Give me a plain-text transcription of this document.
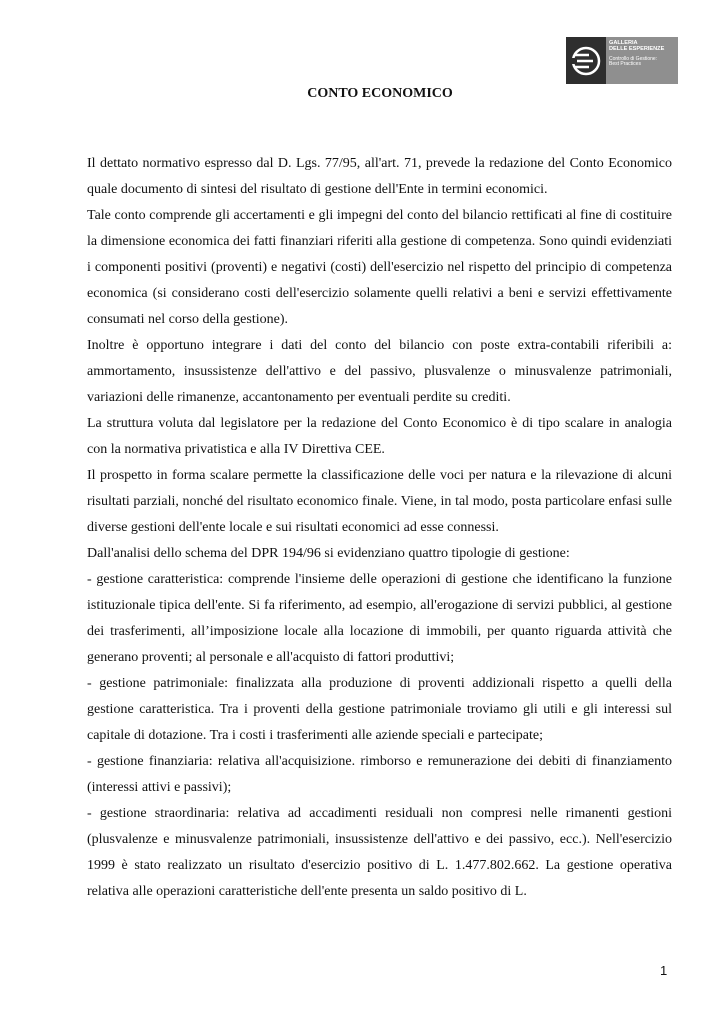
GALLERIA
DELLE ESPERIENZE
Controllo di Gestione:
Best Practices
CONTO ECONOMICO

Il dettato normativo espresso dal D. Lgs. 77/95, all'art. 71, prevede la redazione del Conto Economico quale documento di sintesi del risultato di gestione dell'Ente in termini economici.

Tale conto comprende gli accertamenti e gli impegni del conto del bilancio rettificati al fine di costituire la dimensione economica dei fatti finanziari riferiti alla gestione di competenza. Sono quindi evidenziati i componenti positivi (proventi) e negativi (costi) dell'esercizio nel rispetto del principio di competenza economica (si considerano costi dell'esercizio solamente quelli relativi a beni e servizi effettivamente consumati nel corso della gestione).

Inoltre è opportuno integrare i dati del conto del bilancio con poste extra-contabili riferibili a: ammortamento, insussistenze dell'attivo e del passivo, plusvalenze o minusvalenze patrimoniali, variazioni delle rimanenze, accantonamento per eventuali perdite su crediti.

La struttura voluta dal legislatore per la redazione del Conto Economico è di tipo scalare in analogia con la normativa privatistica e alla IV Direttiva CEE.

Il prospetto in forma scalare permette la classificazione delle voci per natura e la rilevazione di alcuni risultati parziali, nonché del risultato economico finale. Viene, in tal modo, posta particolare enfasi sulle diverse gestioni dell'ente locale e sui risultati economici ad esse connessi.

Dall'analisi dello schema del DPR 194/96 si evidenziano quattro tipologie di gestione:

- gestione caratteristica: comprende l'insieme delle operazioni di gestione che identificano la funzione istituzionale tipica dell'ente. Si fa riferimento, ad esempio, all'erogazione di servizi pubblici, al gestione dei trasferimenti, all’imposizione locale alla locazione di immobili, per quanto riguarda attività che generano proventi; al personale e all'acquisto di fattori produttivi;

- gestione patrimoniale: finalizzata alla produzione di proventi addizionali rispetto a quelli della gestione caratteristica. Tra i proventi della gestione patrimoniale troviamo gli utili e gli interessi sul capitale di dotazione. Tra i costi i trasferimenti alle aziende speciali e partecipate;

- gestione finanziaria: relativa all'acquisizione. rimborso e remunerazione dei debiti di finanziamento (interessi attivi e passivi);

- gestione straordinaria: relativa ad accadimenti residuali non compresi nelle rimanenti gestioni (plusvalenze e minusvalenze patrimoniali, insussistenze dell'attivo e dei passivo, ecc.). Nell'esercizio 1999 è stato realizzato un risultato d'esercizio positivo di L. 1.477.802.662. La gestione operativa relativa alle operazioni caratteristiche dell'ente presenta un saldo positivo di L.

1
